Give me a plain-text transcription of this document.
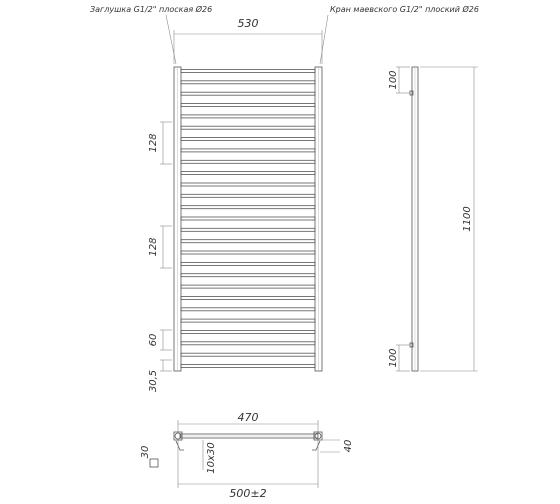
530
Заглушка G1/2" плоская Ø26	Кран маевского G1/2" плоский Ø26
128
128
60
30,5
100
100
1100
470
500±2
10x30
30	40
